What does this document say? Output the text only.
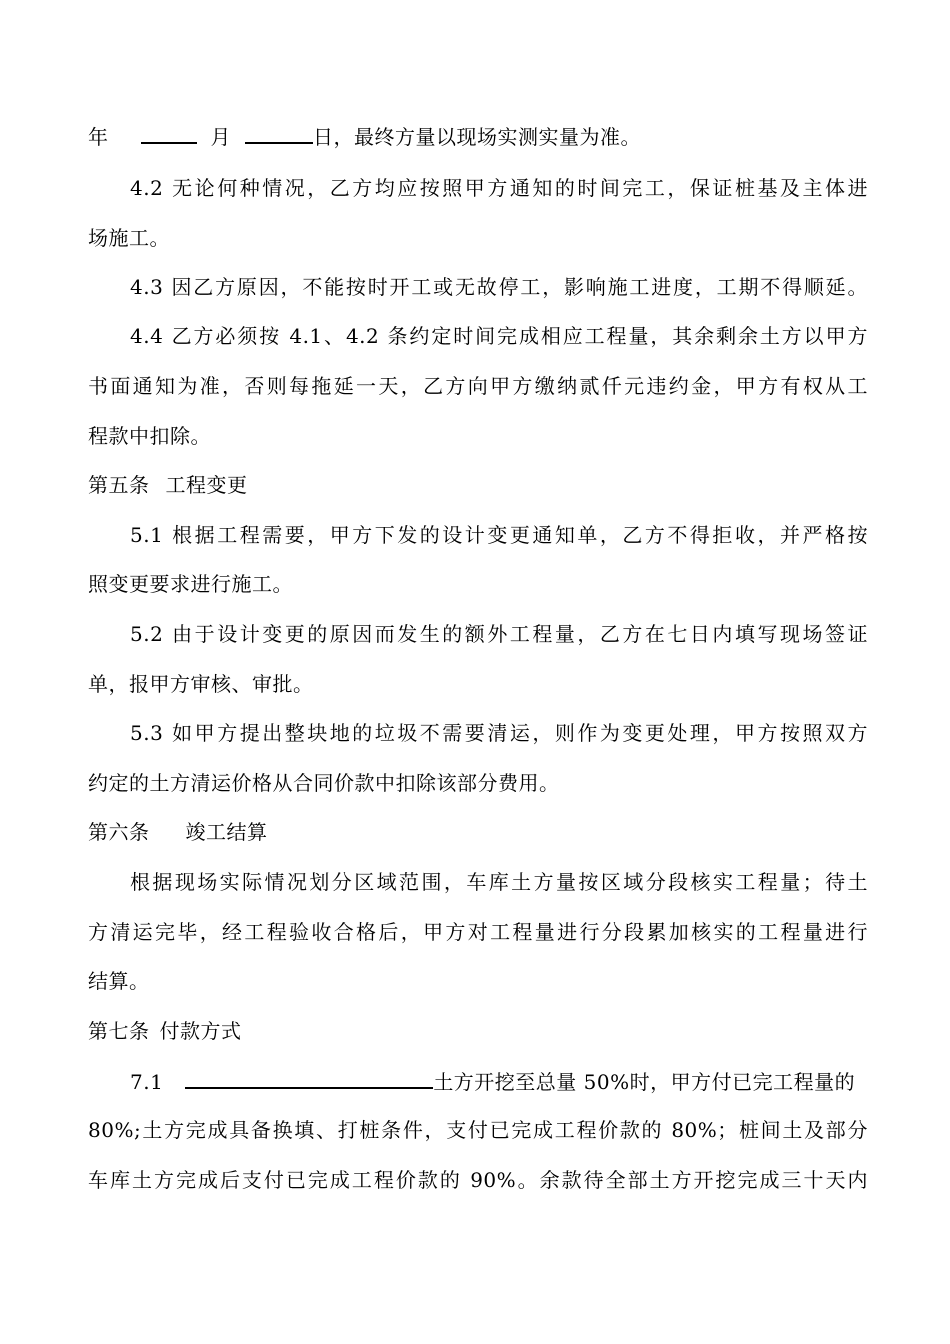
年	月	日，最终方量以现场实测实量为准。
4.2 无论何种情况，乙方均应按照甲方通知的时间完工，保证桩基及主体进
场施工。
4.3 因乙方原因，不能按时开工或无故停工，影响施工进度，工期不得顺延。
4.4 乙方必须按 4.1、4.2 条约定时间完成相应工程量，其余剩余土方以甲方
书面通知为准，否则每拖延一天，乙方向甲方缴纳贰仟元违约金，甲方有权从工
程款中扣除。
第五条 工程变更
5.1 根据工程需要，甲方下发的设计变更通知单，乙方不得拒收，并严格按
照变更要求进行施工。
5.2 由于设计变更的原因而发生的额外工程量，乙方在七日内填写现场签证
单，报甲方审核、审批。
5.3 如甲方提出整块地的垃圾不需要清运，则作为变更处理，甲方按照双方
约定的土方清运价格从合同价款中扣除该部分费用。
第六条 竣工结算
根据现场实际情况划分区域范围，车库土方量按区域分段核实工程量；待土
方清运完毕，经工程验收合格后，甲方对工程量进行分段累加核实的工程量进行
结算。
第七条 付款方式
7.1	土方开挖至总量 50%时，甲方付已完工程量的
80%;土方完成具备换填、打桩条件，支付已完成工程价款的 80%；桩间土及部分
车库土方完成后支付已完成工程价款的 90%。余款待全部土方开挖完成三十天内
